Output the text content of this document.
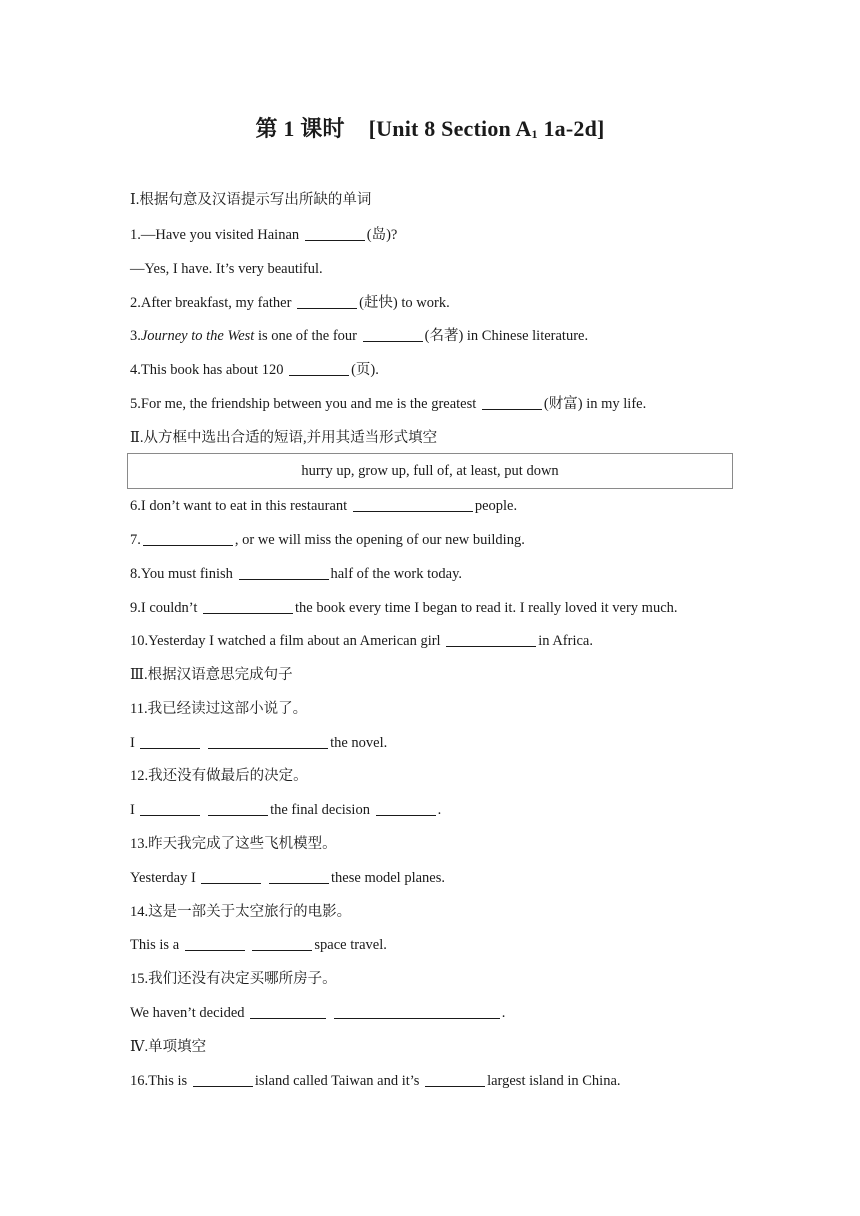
第 1 课时 [Unit 8 Section $A_1$ 1a-2d]
Ⅰ.根据句意及汉语提示写出所缺的单词
1.—Have you visited Hainan	(岛)?
—Yes, I have. It’s very beautiful.
2.After breakfast, my father	(赶快) to work.
3.Journey to the West is one of the four	(名著) in Chinese literature.
4.This book has about 120	(页).
5.For me, the friendship between you and me is the greatest	(财富) in my life.
Ⅱ.从方框中选出合适的短语,并用其适当形式填空
hurry up, grow up, full of, at least, put down
6.I don’t want to eat in this restaurant	people.
7.	, or we will miss the opening of our new building.
8.You must finish	half of the work today.
9.I couldn’t	the book every time I began to read it. I really loved it very much.
10.Yesterday I watched a film about an American girl	in Africa.
Ⅲ.根据汉语意思完成句子
11.我已经读过这部小说了。
I	the novel.
12.我还没有做最后的决定。
I	the final decision	.
13.昨天我完成了这些飞机模型。
Yesterday I	these model planes.
14.这是一部关于太空旅行的电影。
This is a	space travel.
15.我们还没有决定买哪所房子。
We haven’t decided	.
Ⅳ.单项填空
16.This is	island called Taiwan and it’s	largest island in China.
